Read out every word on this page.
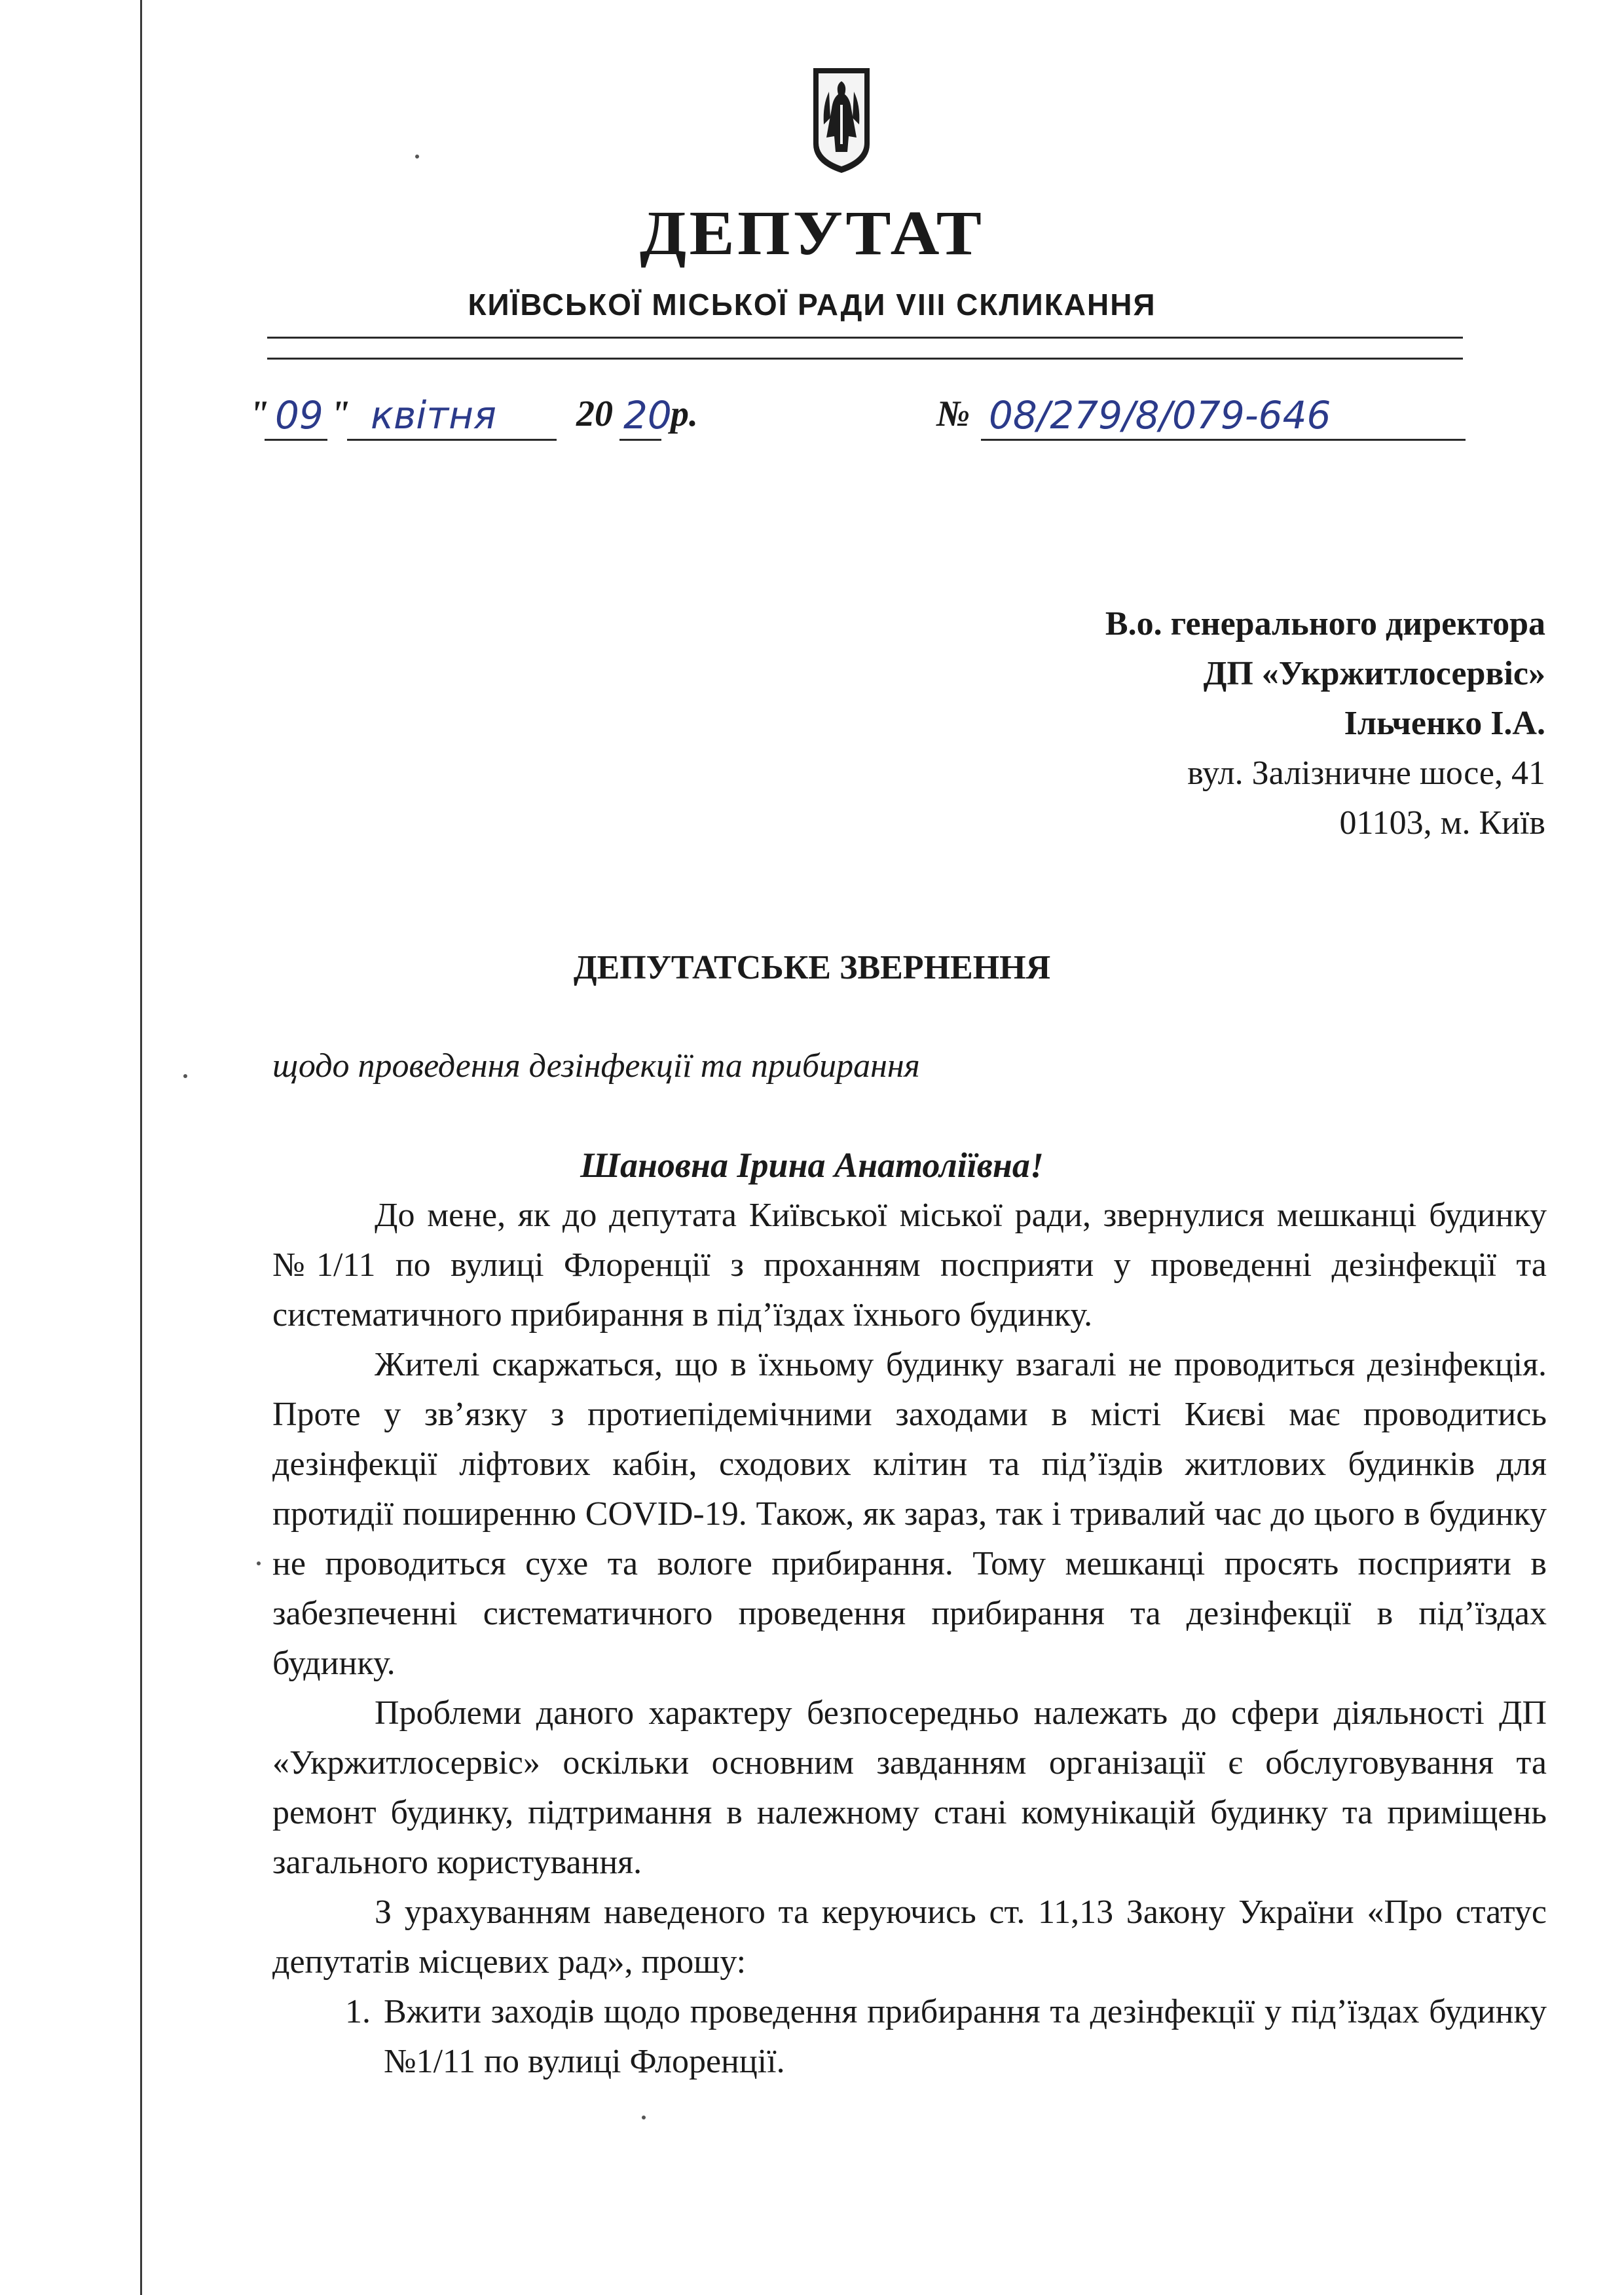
ДЕПУТАТ
КИЇВСЬКОЇ МІСЬКОЇ РАДИ VIII СКЛИКАННЯ
" 09 " квітня 20 20
р.	№ 08/279/8/079-646
В.о. генерального директора
ДП «Укржитлосервіс»
Ільченко І.А.
вул. Залізничне шосе, 41
01103, м. Київ
ДЕПУТАТСЬКЕ ЗВЕРНЕННЯ
щодо проведення дезінфекції та прибирання
Шановна Ірина Анатоліївна!

До мене, як до депутата Київської міської ради, звернулися мешканці будинку №1/11 по вулиці Флоренції з проханням посприяти у проведенні дезінфекції та систематичного прибирання в під’їздах їхнього будинку.

Жителі скаржаться, що в їхньому будинку взагалі не проводиться дезінфекція. Проте у зв’язку з протиепідемічними заходами в місті Києві має проводитись дезінфекції ліфтових кабін, сходових клітин та під’їздів житлових будинків для протидії поширенню COVID-19. Також, як зараз, так і тривалий час до цього в будинку не проводиться сухе та вологе прибирання. Тому мешканці просять посприяти в забезпеченні систематичного проведення прибирання та дезінфекції в під’їздах будинку.

Проблеми даного характеру безпосередньо належать до сфери діяльності ДП «Укржитлосервіс» оскільки основним завданням організації є обслуговування та ремонт будинку, підтримання в належному стані комунікацій будинку та приміщень загального користування.

З урахуванням наведеного та керуючись ст. 11,13 Закону України «Про статус депутатів місцевих рад», прошу:

1. Вжити заходів щодо проведення прибирання та дезінфекції у під’їздах будинку №1/11 по вулиці Флоренції.
